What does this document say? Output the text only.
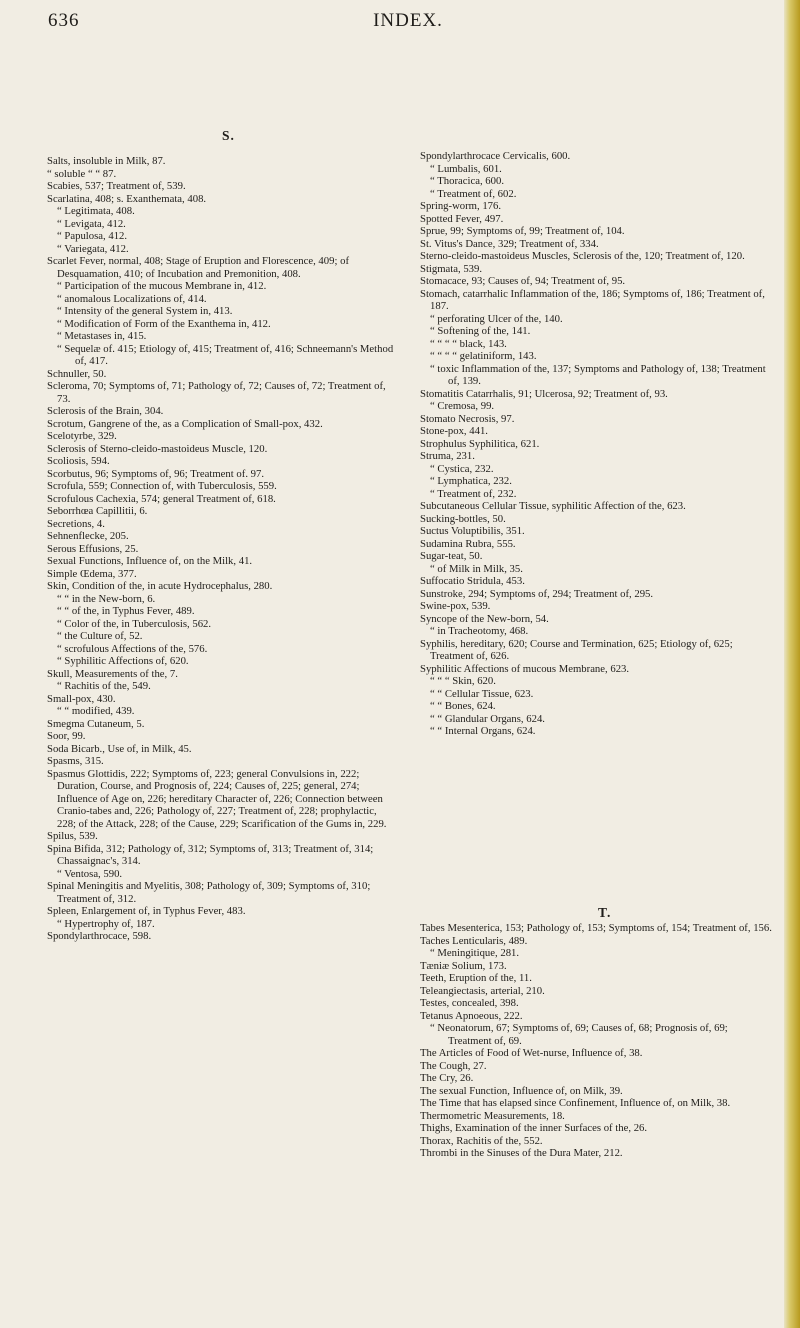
636	INDEX.
S.
T.
Salts, insoluble in Milk, 87.
“ soluble “ “ 87.
Scabies, 537; Treatment of, 539.
Scarlatina, 408; s. Exanthemata, 408.
“ Legitimata, 408.
“ Levigata, 412.
“ Papulosa, 412.
“ Variegata, 412.
Scarlet Fever, normal, 408; Stage of Eruption and Florescence, 409; of Desquamation, 410; of Incubation and Premonition, 408.
“ Participation of the mucous Membrane in, 412.
“ anomalous Localizations of, 414.
“ Intensity of the general System in, 413.
“ Modification of Form of the Exanthema in, 412.
“ Metastases in, 415.
“ Sequelæ of. 415; Etiology of, 415; Treatment of, 416; Schneemann's Method of, 417.
Schnuller, 50.
Scleroma, 70; Symptoms of, 71; Pathology of, 72; Causes of, 72; Treatment of, 73.
Sclerosis of the Brain, 304.
Scrotum, Gangrene of the, as a Complication of Small-pox, 432.
Scelotyrbe, 329.
Sclerosis of Sterno-cleido-mastoideus Muscle, 120.
Scoliosis, 594.
Scorbutus, 96; Symptoms of, 96; Treatment of. 97.
Scrofula, 559; Connection of, with Tuberculosis, 559.
Scrofulous Cachexia, 574; general Treatment of, 618.
Seborrhœa Capillitii, 6.
Secretions, 4.
Sehnenflecke, 205.
Serous Effusions, 25.
Sexual Functions, Influence of, on the Milk, 41.
Simple Œdema, 377.
Skin, Condition of the, in acute Hydrocephalus, 280.
“ “ in the New-born, 6.
“ “ of the, in Typhus Fever, 489.
“ Color of the, in Tuberculosis, 562.
“ the Culture of, 52.
“ scrofulous Affections of the, 576.
“ Syphilitic Affections of, 620.
Skull, Measurements of the, 7.
“ Rachitis of the, 549.
Small-pox, 430.
“ “ modified, 439.
Smegma Cutaneum, 5.
Soor, 99.
Soda Bicarb., Use of, in Milk, 45.
Spasms, 315.
Spasmus Glottidis, 222; Symptoms of, 223; general Convulsions in, 222; Duration, Course, and Prognosis of, 224; Causes of, 225; general, 274; Influence of Age on, 226; hereditary Character of, 226; Connection between Cranio-tabes and, 226; Pathology of, 227; Treatment of, 228; prophylactic, 228; of the Attack, 228; of the Cause, 229; Scarification of the Gums in, 229.
Spilus, 539.
Spina Bifida, 312; Pathology of, 312; Symptoms of, 313; Treatment of, 314; Chassaignac's, 314.
“ Ventosa, 590.
Spinal Meningitis and Myelitis, 308; Pathology of, 309; Symptoms of, 310; Treatment of, 312.
Spleen, Enlargement of, in Typhus Fever, 483.
“ Hypertrophy of, 187.
Spondylarthrocace, 598.
Spondylarthrocace Cervicalis, 600.
“ Lumbalis, 601.
“ Thoracica, 600.
“ Treatment of, 602.
Spring-worm, 176.
Spotted Fever, 497.
Sprue, 99; Symptoms of, 99; Treatment of, 104.
St. Vitus's Dance, 329; Treatment of, 334.
Sterno-cleido-mastoideus Muscles, Sclerosis of the, 120; Treatment of, 120.
Stigmata, 539.
Stomacace, 93; Causes of, 94; Treatment of, 95.
Stomach, catarrhalic Inflammation of the, 186; Symptoms of, 186; Treatment of, 187.
“ perforating Ulcer of the, 140.
“ Softening of the, 141.
“ “ “ “ black, 143.
“ “ “ “ gelatiniform, 143.
“ toxic Inflammation of the, 137; Symptoms and Pathology of, 138; Treatment of, 139.
Stomatitis Catarrhalis, 91; Ulcerosa, 92; Treatment of, 93.
“ Cremosa, 99.
Stomato Necrosis, 97.
Stone-pox, 441.
Strophulus Syphilitica, 621.
Struma, 231.
“ Cystica, 232.
“ Lymphatica, 232.
“ Treatment of, 232.
Subcutaneous Cellular Tissue, syphilitic Affection of the, 623.
Sucking-bottles, 50.
Suctus Voluptibilis, 351.
Sudamina Rubra, 555.
Sugar-teat, 50.
“ of Milk in Milk, 35.
Suffocatio Stridula, 453.
Sunstroke, 294; Symptoms of, 294; Treatment of, 295.
Swine-pox, 539.
Syncope of the New-born, 54.
“ in Tracheotomy, 468.
Syphilis, hereditary, 620; Course and Termination, 625; Etiology of, 625; Treatment of, 626.
Syphilitic Affections of mucous Membrane, 623.
“ “ “ Skin, 620.
“ “ Cellular Tissue, 623.
“ “ Bones, 624.
“ “ Glandular Organs, 624.
“ “ Internal Organs, 624.
Tabes Mesenterica, 153; Pathology of, 153; Symptoms of, 154; Treatment of, 156.
Taches Lenticularis, 489.
“ Meningitique, 281.
Tæniæ Solium, 173.
Teeth, Eruption of the, 11.
Teleangiectasis, arterial, 210.
Testes, concealed, 398.
Tetanus Apnoeous, 222.
“ Neonatorum, 67; Symptoms of, 69; Causes of, 68; Prognosis of, 69; Treatment of, 69.
The Articles of Food of Wet-nurse, Influence of, 38.
The Cough, 27.
The Cry, 26.
The sexual Function, Influence of, on Milk, 39.
The Time that has elapsed since Confinement, Influence of, on Milk, 38.
Thermometric Measurements, 18.
Thighs, Examination of the inner Surfaces of the, 26.
Thorax, Rachitis of the, 552.
Thrombi in the Sinuses of the Dura Mater, 212.
